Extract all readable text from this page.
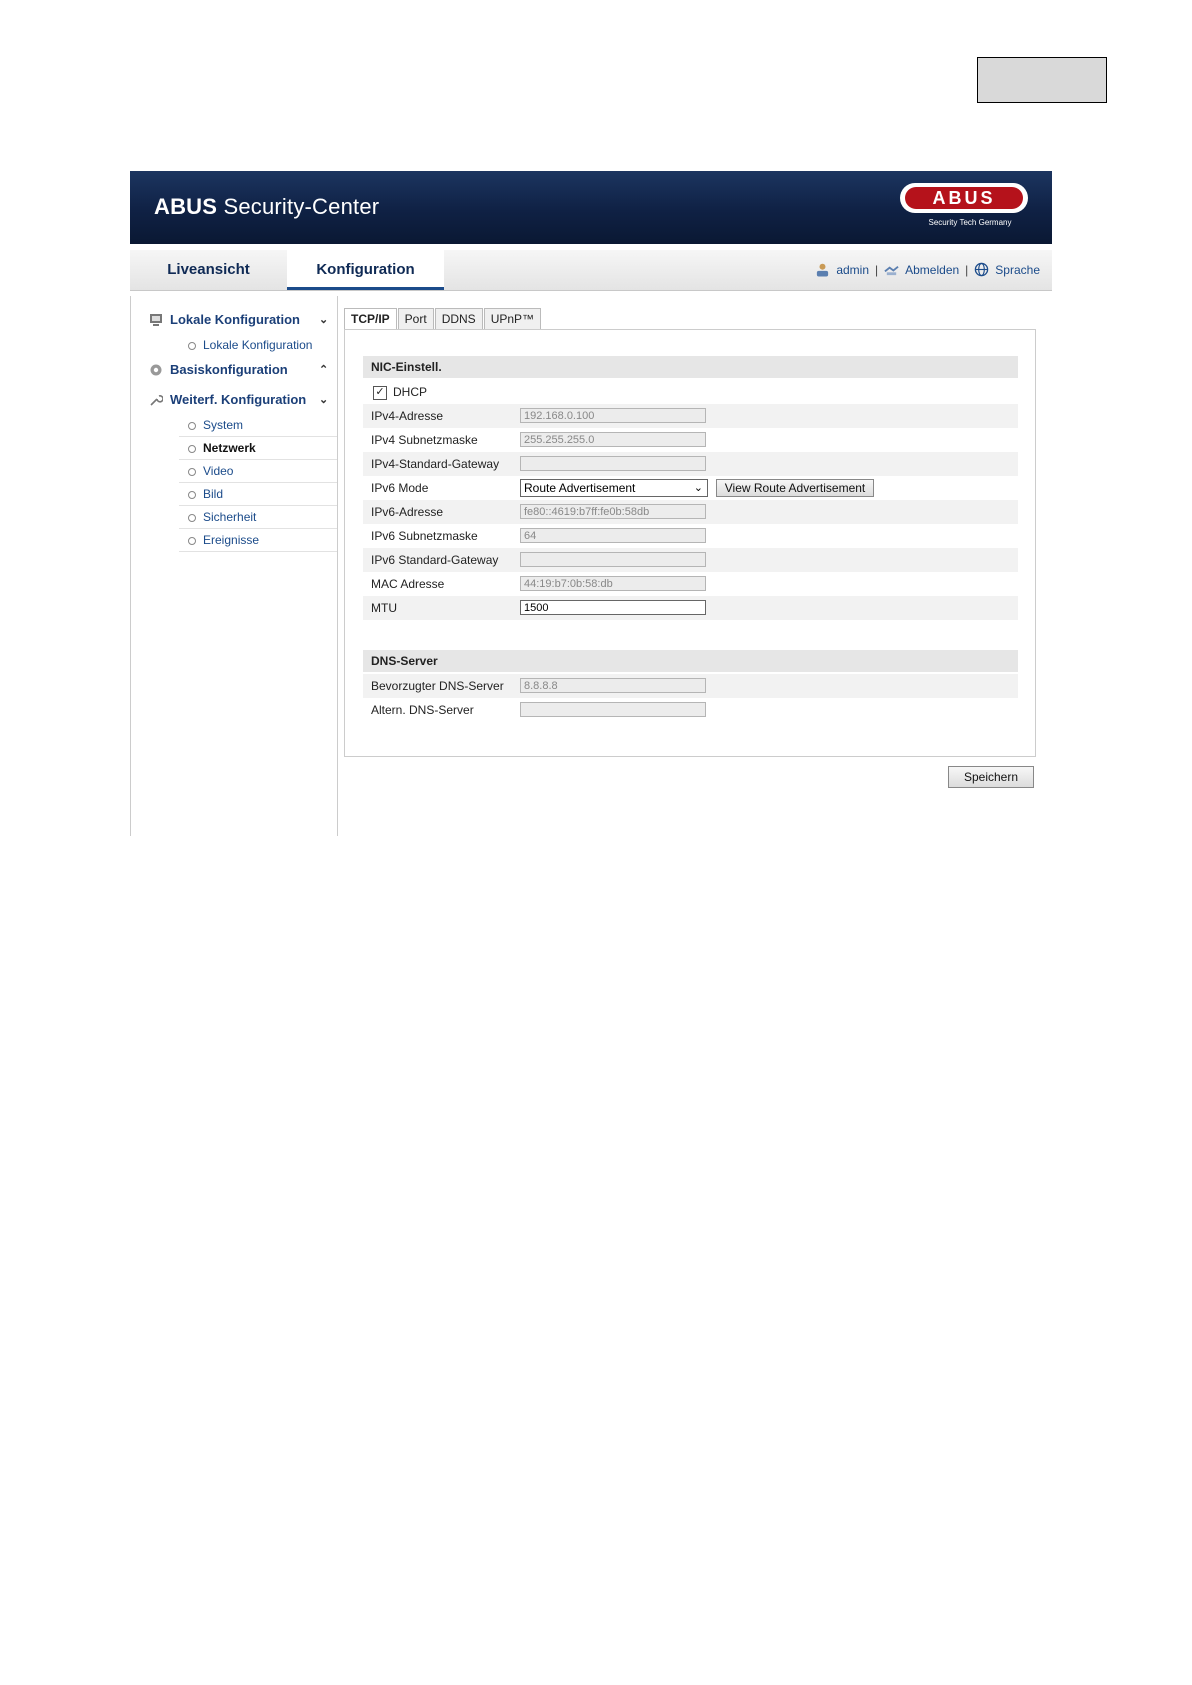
ABUS Security-Center	ABUS
Security Tech Germany
Liveansicht	Konfiguration	admin | Abmelden | Sprache
Lokale Konfiguration ⌄
Lokale Konfiguration
Basiskonfiguration	⌃
Weiterf. Konfiguration ⌄
System
Netzwerk
Video
Bild
Sicherheit
Ereignisse
TCP/IP	Port	DDNS	UPnP™
NIC-Einstell.
✓ DHCP
IPv4-Adresse	192.168.0.100
IPv4 Subnetzmaske	255.255.255.0
IPv4-Standard-Gateway
IPv6 Mode	Route Advertisement	⌄	View Route Advertisement
IPv6-Adresse	fe80::4619:b7ff:fe0b:58db
IPv6 Subnetzmaske	64
IPv6 Standard-Gateway
MAC Adresse	44:19:b7:0b:58:db
MTU	1500
DNS-Server
Bevorzugter DNS-Server	8.8.8.8
Altern. DNS-Server
Speichern
